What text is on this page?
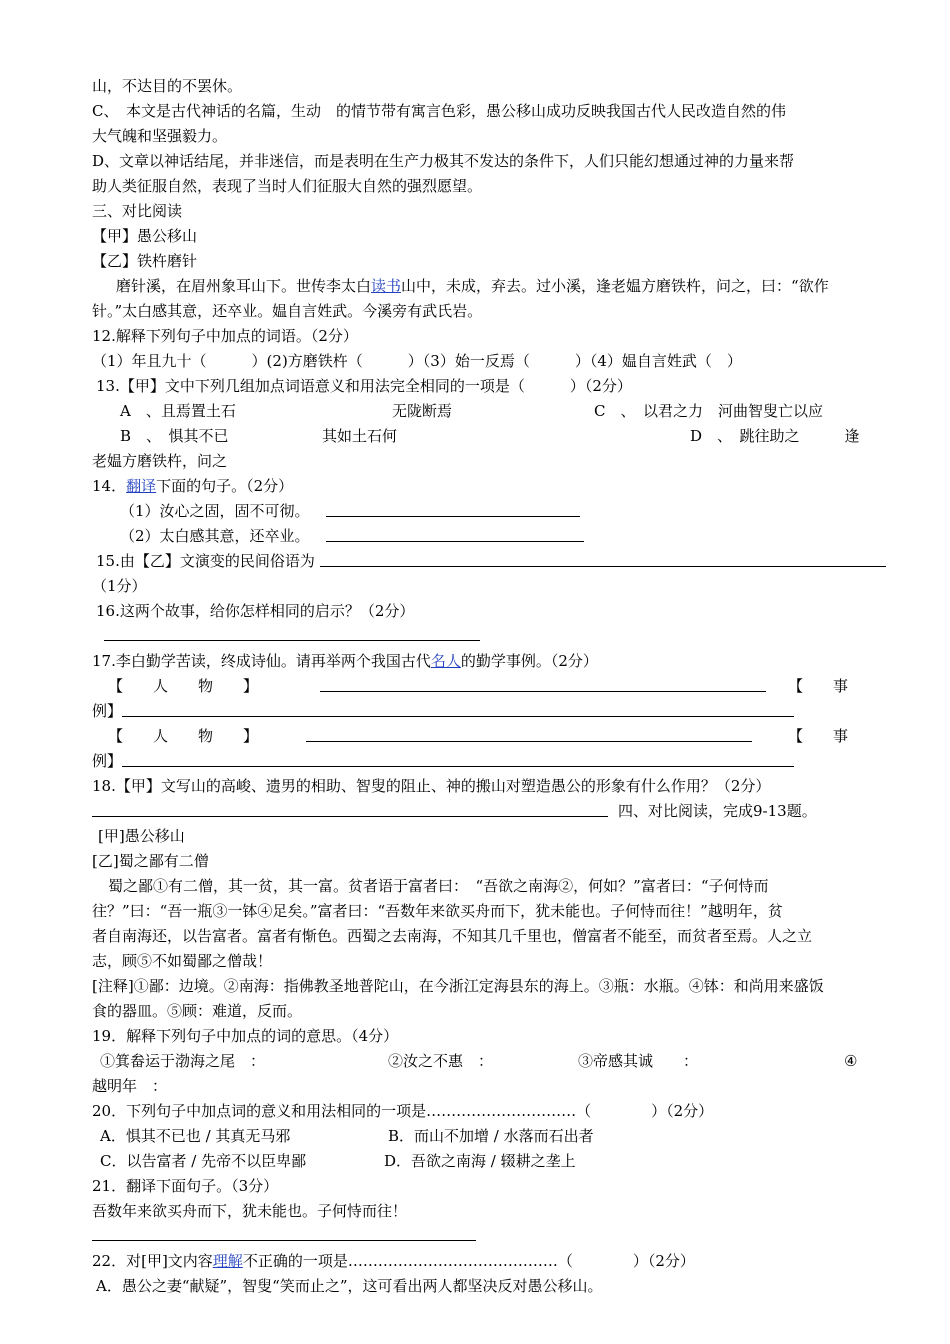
山，不达目的不罢休。
C、　本文是古代神话的名篇，生动　的情节带有寓言色彩，愚公移山成功反映我国古代人民改造自然的伟
大气魄和坚强毅力。
D、文章以神话结尾，并非迷信，而是表明在生产力极其不发达的条件下，人们只能幻想通过神的力量来帮
助人类征服自然，表现了当时人们征服大自然的强烈愿望。
三、对比阅读
【甲】愚公移山
【乙】铁杵磨针
磨针溪，在眉州象耳山下。世传李太白读书山中，未成，弃去。过小溪，逢老媪方磨铁杵，问之，曰：“欲作
针。”太白感其意，还卒业。媪自言姓武。今溪旁有武氏岩。
12.解释下列句子中加点的词语。（2分）
（1）年且九十（　　　）(2)方磨铁杵（　　　）（3）始一反焉（　　　）（4）媪自言姓武（　）
13.【甲】文中下列几组加点词语意义和用法完全相同的一项是（　　　）（2分）
A　、且焉置土石	无陇断焉	C　、　以君之力　河曲智叟亡以应
B　、　惧其不已	其如土石何	D　、　跳往助之　　　逢
老媪方磨铁杵，问之
14．翻译下面的句子。（2分）
（1）汝心之固，固不可彻。
（2）太白感其意，还卒业。
15.由【乙】文演变的民间俗语为
（1分）
16.这两个故事，给你怎样相同的启示？（2分）
17.李白勤学苦读，终成诗仙。请再举两个我国古代名人的勤学事例。（2分）
【　　人　　物　　】	【　　事
例】
【　　人　　物　　】	【　　事
例】
18.【甲】文写山的高峻、遗男的相助、智叟的阻止、神的搬山对塑造愚公的形象有什么作用？（2分）
四、对比阅读，完成9-13题。
[甲]愚公移山
[乙]蜀之鄙有二僧
蜀之鄙①有二僧，其一贫，其一富。贫者语于富者曰：　“吾欲之南海②，何如？”富者曰：“子何恃而
往？”曰：“吾一瓶③一钵④足矣。”富者曰：“吾数年来欲买舟而下，犹未能也。子何恃而往！”越明年，贫
者自南海还，以告富者。富者有惭色。西蜀之去南海，不知其几千里也，僧富者不能至，而贫者至焉。人之立
志，顾⑤不如蜀鄙之僧哉！
[注释]①鄙：边境。②南海：指佛教圣地普陀山，在今浙江定海县东的海上。③瓶：水瓶。④钵：和尚用来盛饭
食的器皿。⑤顾：难道，反而。
19．解释下列句子中加点的词的意思。（4分）
①箕畚运于渤海之尾　：	②汝之不惠　：	③帝感其诚　　：	④
越明年　：
20．下列句子中加点词的意义和用法相同的一项是…………………………（　　　　）（2分）
A．惧其不已也 / 其真无马邪	B．而山不加增 / 水落而石出者
C．以告富者 / 先帝不以臣卑鄙	D．吾欲之南海 / 辍耕之垄上
21．翻译下面句子。（3分）
吾数年来欲买舟而下，犹未能也。子何恃而往！
22．对[甲]文内容理解不正确的一项是……………………………………（　　　　）（2分）
A．愚公之妻“献疑”，智叟“笑而止之”，这可看出两人都坚决反对愚公移山。
